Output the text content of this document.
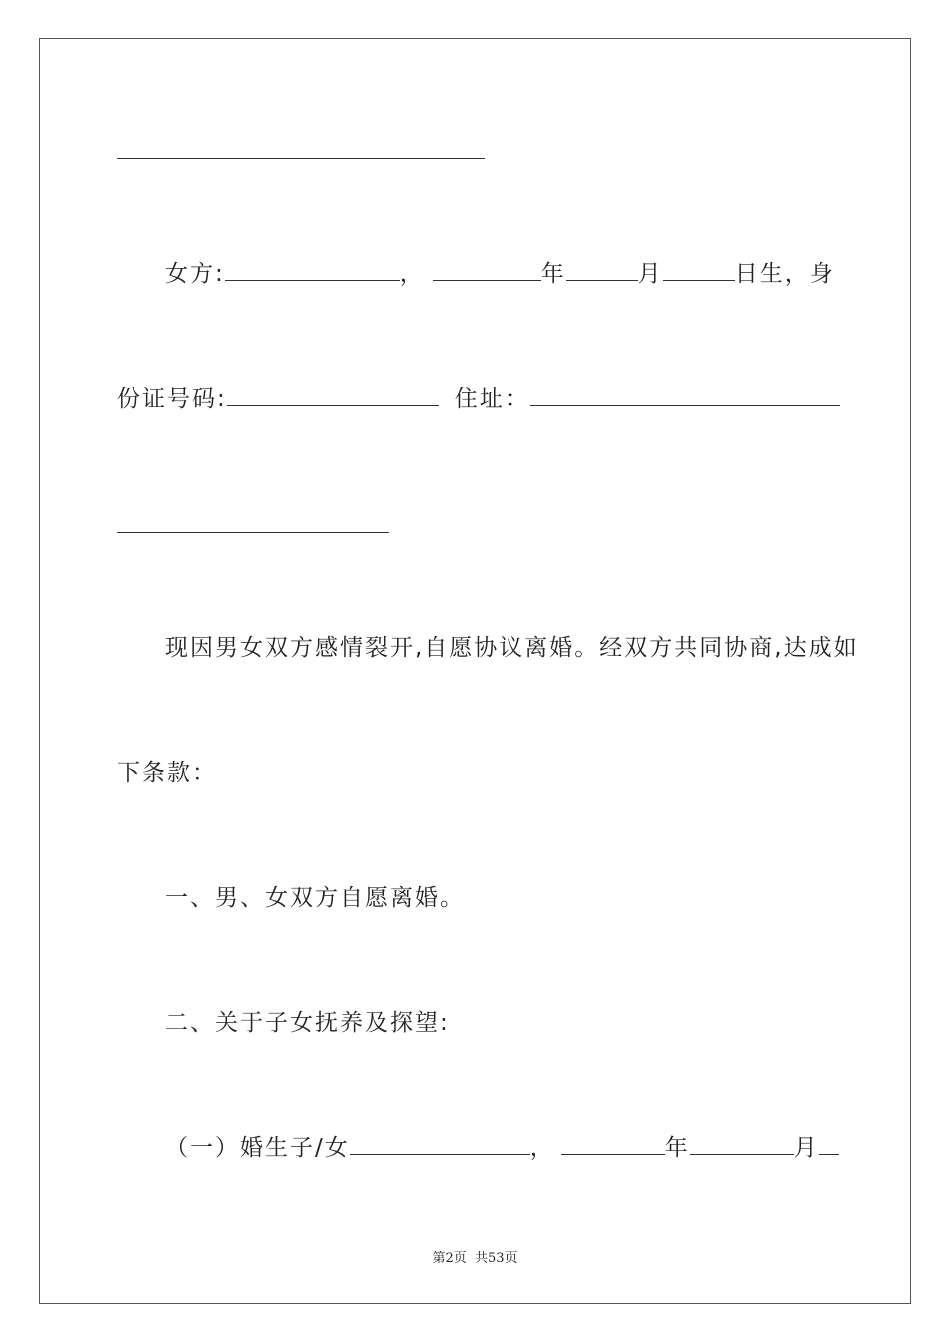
女方:	，	年	月	日生，身
份证号码:	住址：
现因男女双方感情裂开,自愿协议离婚。经双方共同协商,达成如
下条款：
一、男、女双方自愿离婚。
二、关于子女抚养及探望:
（一）婚生子/女	，	年	月
第2页 共53页
